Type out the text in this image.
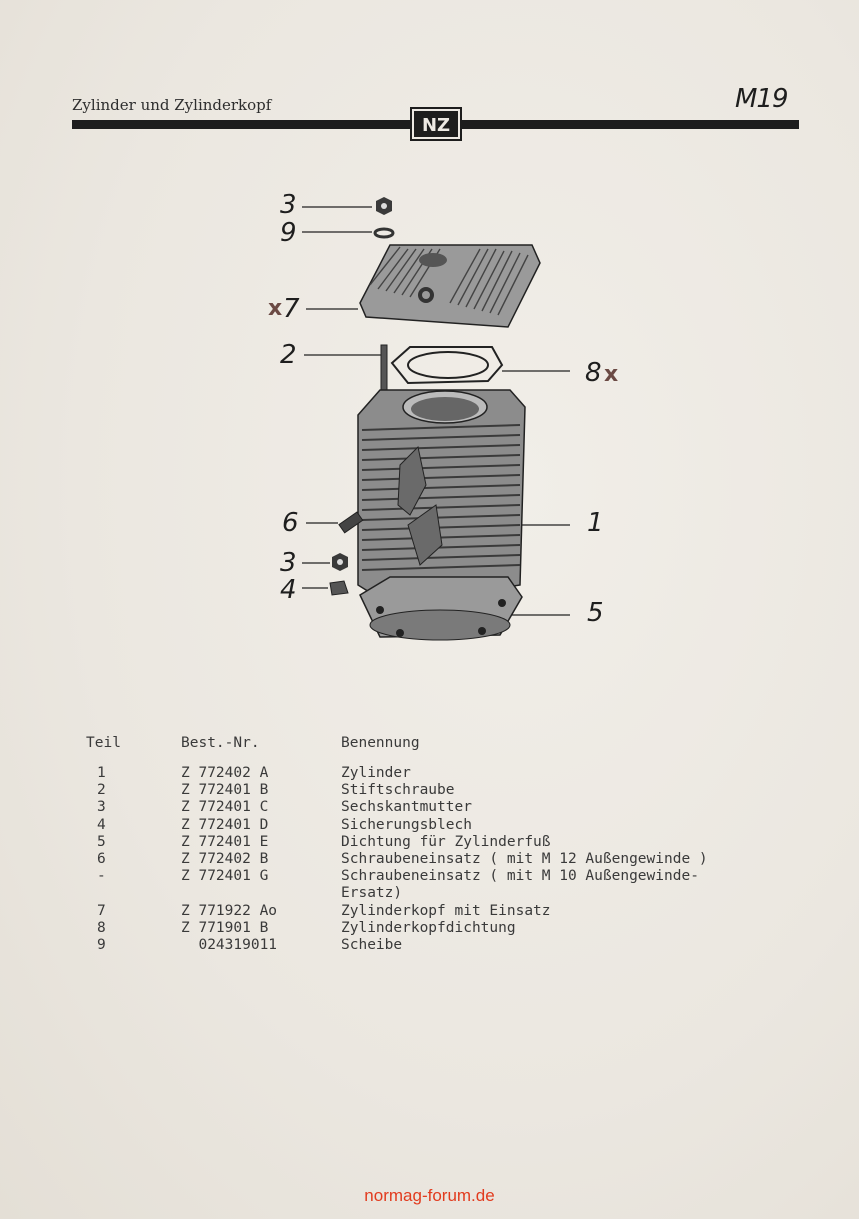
Zylinder und Zylinderkopf	M19
NZ
3
9
7
2
8
6
3
4
1
5
x
x
Teil	Best.-Nr.	Benennung
1	Z 772402 A	Zylinder
2	Z 772401 B	Stiftschraube
3	Z 772401 C	Sechskantmutter
4	Z 772401 D	Sicherungsblech
5	Z 772401 E	Dichtung für Zylinderfuß
6	Z 772402 B	Schraubeneinsatz ( mit M 12 Außengewinde )
-	Z 772401 G	Schraubeneinsatz ( mit M 10 Außengewinde-
Ersatz)
7	Z 771922 Ao	Zylinderkopf mit Einsatz
8	Z 771901 B	Zylinderkopfdichtung
9	024319011	Scheibe
normag-forum.de
